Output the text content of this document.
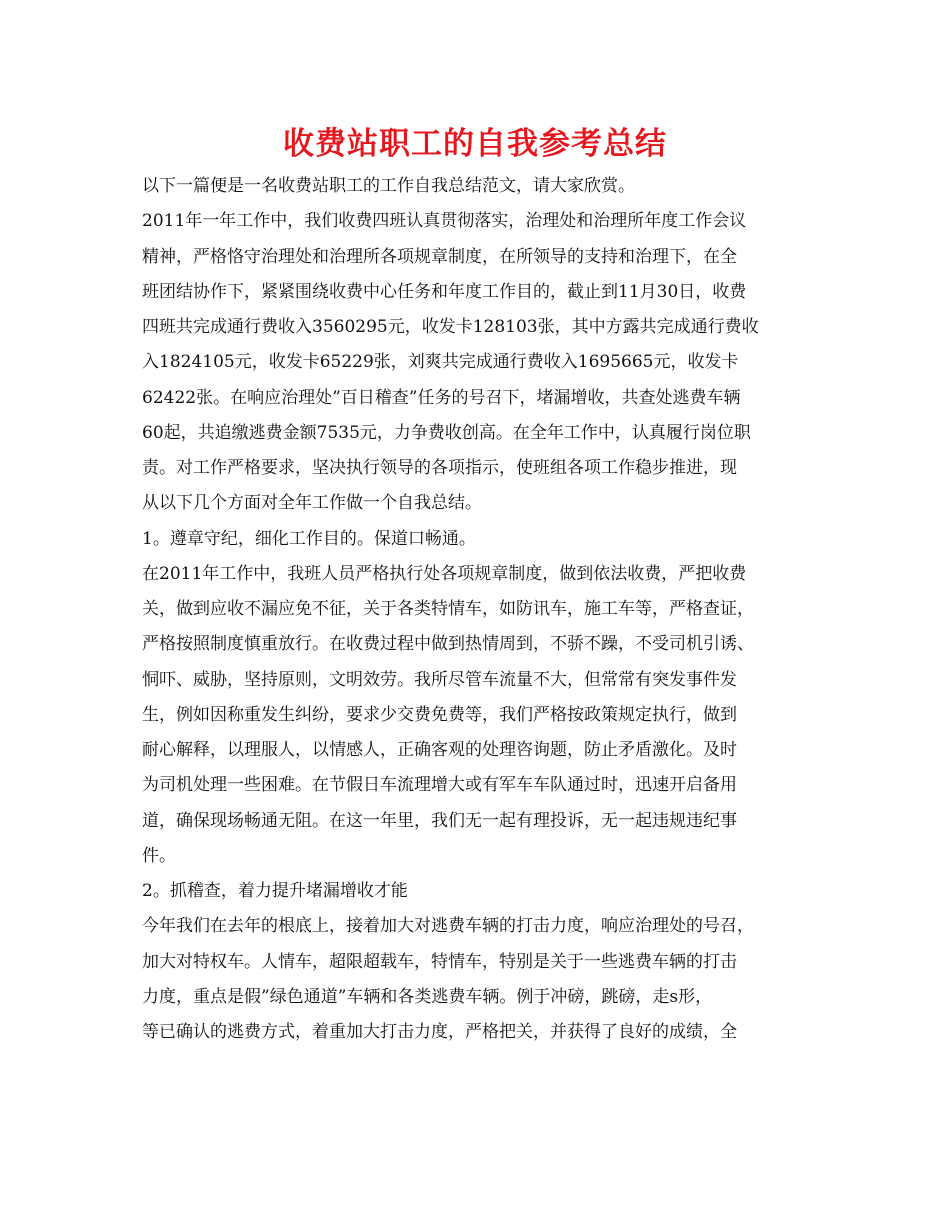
收费站职工的自我参考总结
以下一篇便是一名收费站职工的工作自我总结范文，请大家欣赏。
2011年一年工作中，我们收费四班认真贯彻落实，治理处和治理所年度工作会议
精神，严格恪守治理处和治理所各项规章制度，在所领导的支持和治理下，在全
班团结协作下，紧紧围绕收费中心任务和年度工作目的，截止到11月30日，收费
四班共完成通行费收入3560295元，收发卡128103张，其中方露共完成通行费收
入1824105元，收发卡65229张，刘爽共完成通行费收入1695665元，收发卡
62422张。在响应治理处”百日稽查”任务的号召下，堵漏增收，共查处逃费车辆
60起，共追缴逃费金额7535元，力争费收创高。在全年工作中，认真履行岗位职
责。对工作严格要求，坚决执行领导的各项指示，使班组各项工作稳步推进，现
从以下几个方面对全年工作做一个自我总结。
1。遵章守纪，细化工作目的。保道口畅通。
在2011年工作中，我班人员严格执行处各项规章制度，做到依法收费，严把收费
关，做到应收不漏应免不征，关于各类特情车，如防讯车，施工车等，严格查证，
严格按照制度慎重放行。在收费过程中做到热情周到，不骄不躁，不受司机引诱、
恫吓、威胁，坚持原则，文明效劳。我所尽管车流量不大，但常常有突发事件发
生，例如因称重发生纠纷，要求少交费免费等，我们严格按政策规定执行，做到
耐心解释，以理服人，以情感人，正确客观的处理咨询题，防止矛盾激化。及时
为司机处理一些困难。在节假日车流理增大或有军车车队通过时，迅速开启备用
道，确保现场畅通无阻。在这一年里，我们无一起有理投诉，无一起违规违纪事
件。
2。抓稽查，着力提升堵漏增收才能
今年我们在去年的根底上，接着加大对逃费车辆的打击力度，响应治理处的号召，
加大对特权车。人情车，超限超载车，特情车，特别是关于一些逃费车辆的打击
力度，重点是假”绿色通道”车辆和各类逃费车辆。例于冲磅，跳磅，走s形，
等已确认的逃费方式，着重加大打击力度，严格把关，并获得了良好的成绩，全
